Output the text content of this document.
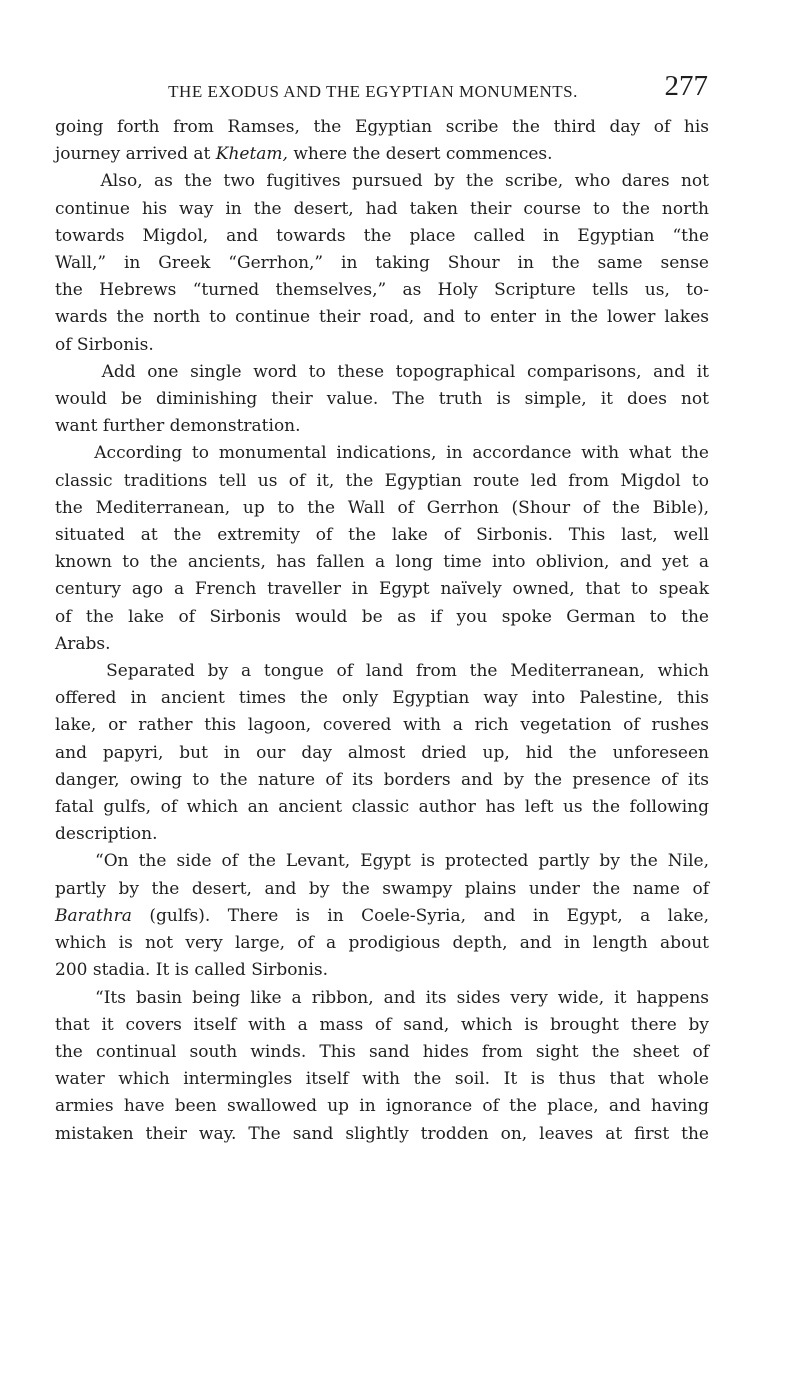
THE EXODUS AND THE EGYPTIAN MONUMENTS.	277

going forth from Ramses, the Egyptian scribe the third day of his
journey arrived at Khetam, where the desert commences.

Also, as the two fugitives pursued by the scribe, who dares not
continue his way in the desert, had taken their course to the north
towards Migdol, and towards the place called in Egyptian “the
Wall,” in Greek “Gerrhon,” in taking Shour in the same sense
the Hebrews “turned themselves,” as Holy Scripture tells us, to-
wards the north to continue their road, and to enter in the lower lakes
of Sirbonis.

Add one single word to these topographical comparisons, and it
would be diminishing their value. The truth is simple, it does not
want further demonstration.

According to monumental indications, in accordance with what the
classic traditions tell us of it, the Egyptian route led from Migdol to
the Mediterranean, up to the Wall of Gerrhon (Shour of the Bible),
situated at the extremity of the lake of Sirbonis. This last, well
known to the ancients, has fallen a long time into oblivion, and yet a
century ago a French traveller in Egypt naïvely owned, that to speak
of the lake of Sirbonis would be as if you spoke German to the
Arabs.

Separated by a tongue of land from the Mediterranean, which
offered in ancient times the only Egyptian way into Palestine, this
lake, or rather this lagoon, covered with a rich vegetation of rushes
and papyri, but in our day almost dried up, hid the unforeseen
danger, owing to the nature of its borders and by the presence of its
fatal gulfs, of which an ancient classic author has left us the following
description.

“On the side of the Levant, Egypt is protected partly by the Nile,
partly by the desert, and by the swampy plains under the name of
Barathra (gulfs). There is in Coele-Syria, and in Egypt, a lake,
which is not very large, of a prodigious depth, and in length about
200 stadia. It is called Sirbonis.

“Its basin being like a ribbon, and its sides very wide, it happens
that it covers itself with a mass of sand, which is brought there by
the continual south winds. This sand hides from sight the sheet of
water which intermingles itself with the soil. It is thus that whole
armies have been swallowed up in ignorance of the place, and having
mistaken their way. The sand slightly trodden on, leaves at first the
